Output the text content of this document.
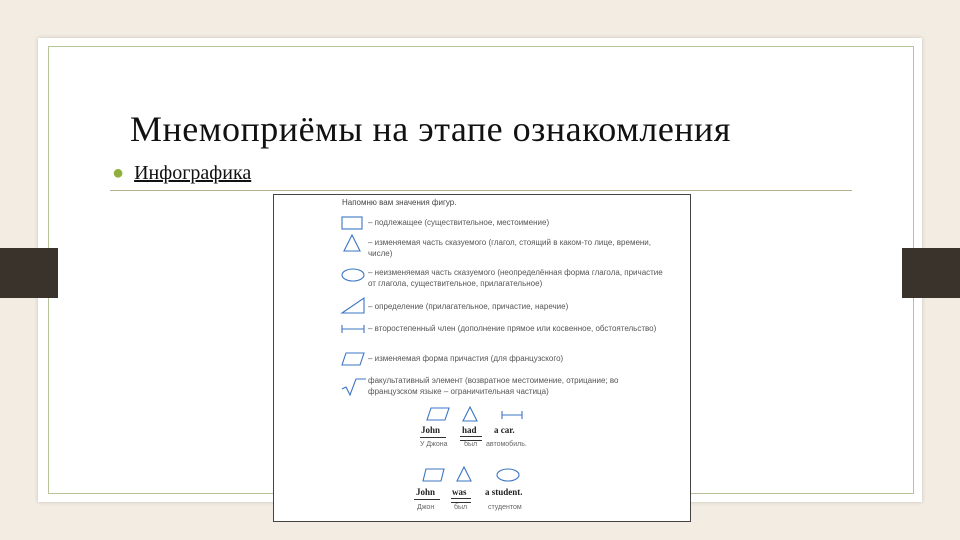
Мнемоприёмы на этапе ознакомления
● Инфографика
Напомню вам значения фигур.
– подлежащее (существительное, местоимение)
– изменяемая часть сказуемого (глагол, стоящий в каком-то лице, времени, числе)
– неизменяемая часть сказуемого (неопределённая форма глагола, причастие от глагола, существительное, прилагательное)
– определение (прилагательное, причастие, наречие)
– второстепенный член (дополнение прямое или косвенное, обстоятельство)
– изменяемая форма причастия (для французского)
факультативный элемент (возвратное местоимение, отрицание; во французском языке – ограничительная частица)
John had a car.
У Джона был автомобиль.
John was a student.
Джон	был	студентом
